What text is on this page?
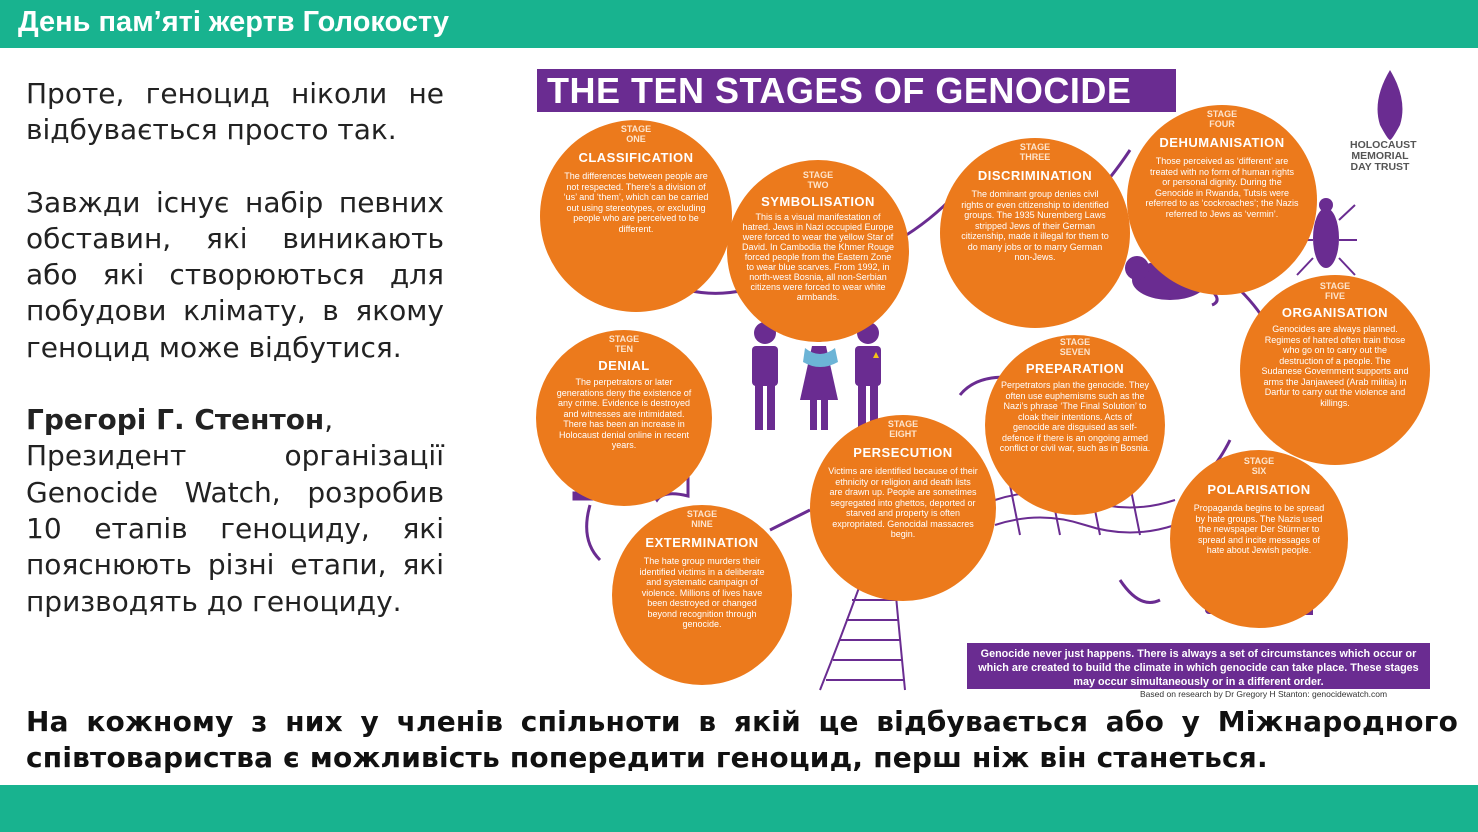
День пам’яті жертв Голокосту

Проте, геноцид ніколи не відбувається просто так.

Завжди існує набір певних обставин, які виникають або які створюються для побудови клімату, в якому геноцид може відбутися.

Грегорі Г. Стентон,
Президент організації Genocide Watch, розробив 10 етапів геноциду, які пояснюють різні етапи, які призводять до геноциду.

HOLOCAUST
MEMORIAL
DAY TRUST
THE TEN STAGES OF GENOCIDE
STAGE
ONE
CLASSIFICATION
The differences between people are not respected. There’s a division of ‘us’ and ‘them’, which can be carried out using stereotypes, or excluding people who are perceived to be different.
STAGE
TWO
SYMBOLISATION
This is a visual manifestation of hatred. Jews in Nazi occupied Europe were forced to wear the yellow Star of David. In Cambodia the Khmer Rouge forced people from the Eastern Zone to wear blue scarves. From 1992, in north-west Bosnia, all non-Serbian citizens were forced to wear white armbands.
STAGE
THREE
DISCRIMINATION
The dominant group denies civil rights or even citizenship to identified groups. The 1935 Nuremberg Laws stripped Jews of their German citizenship, made it illegal for them to do many jobs or to marry German non-Jews.
STAGE
FOUR
DEHUMANISATION
Those perceived as ‘different’ are treated with no form of human rights or personal dignity. During the Genocide in Rwanda, Tutsis were referred to as ‘cockroaches’; the Nazis referred to Jews as ‘vermin’.
STAGE
FIVE
ORGANISATION
Genocides are always planned. Regimes of hatred often train those who go on to carry out the destruction of a people. The Sudanese Government supports and arms the Janjaweed (Arab militia) in Darfur to carry out the violence and killings.
STAGE
SIX
POLARISATION
Propaganda begins to be spread by hate groups. The Nazis used the newspaper Der Stürmer to spread and incite messages of hate about Jewish people.
STAGE
SEVEN
PREPARATION
Perpetrators plan the genocide. They often use euphemisms such as the Nazi’s phrase ‘The Final Solution’ to cloak their intentions. Acts of genocide are disguised as self-defence if there is an ongoing armed conflict or civil war, such as in Bosnia.
STAGE
EIGHT
PERSECUTION
Victims are identified because of their ethnicity or religion and death lists are drawn up. People are sometimes segregated into ghettos, deported or starved and property is often expropriated. Genocidal massacres begin.
STAGE
NINE
EXTERMINATION
The hate group murders their identified victims in a deliberate and systematic campaign of violence. Millions of lives have been destroyed or changed beyond recognition through genocide.
STAGE
TEN
DENIAL
The perpetrators or later generations deny the existence of any crime. Evidence is destroyed and witnesses are intimidated. There has been an increase in Holocaust denial online in recent years.
Genocide never just happens. There is always a set of circumstances which occur or which are created to build the climate in which genocide can take place. These stages may occur simultaneously or in a different order.
Based on research by Dr Gregory H Stanton: genocidewatch.com
На кожному з них у членів спільноти в якій це відбувається або у Міжнародного співтовариства є можливість попередити геноцид, перш ніж він станеться.
